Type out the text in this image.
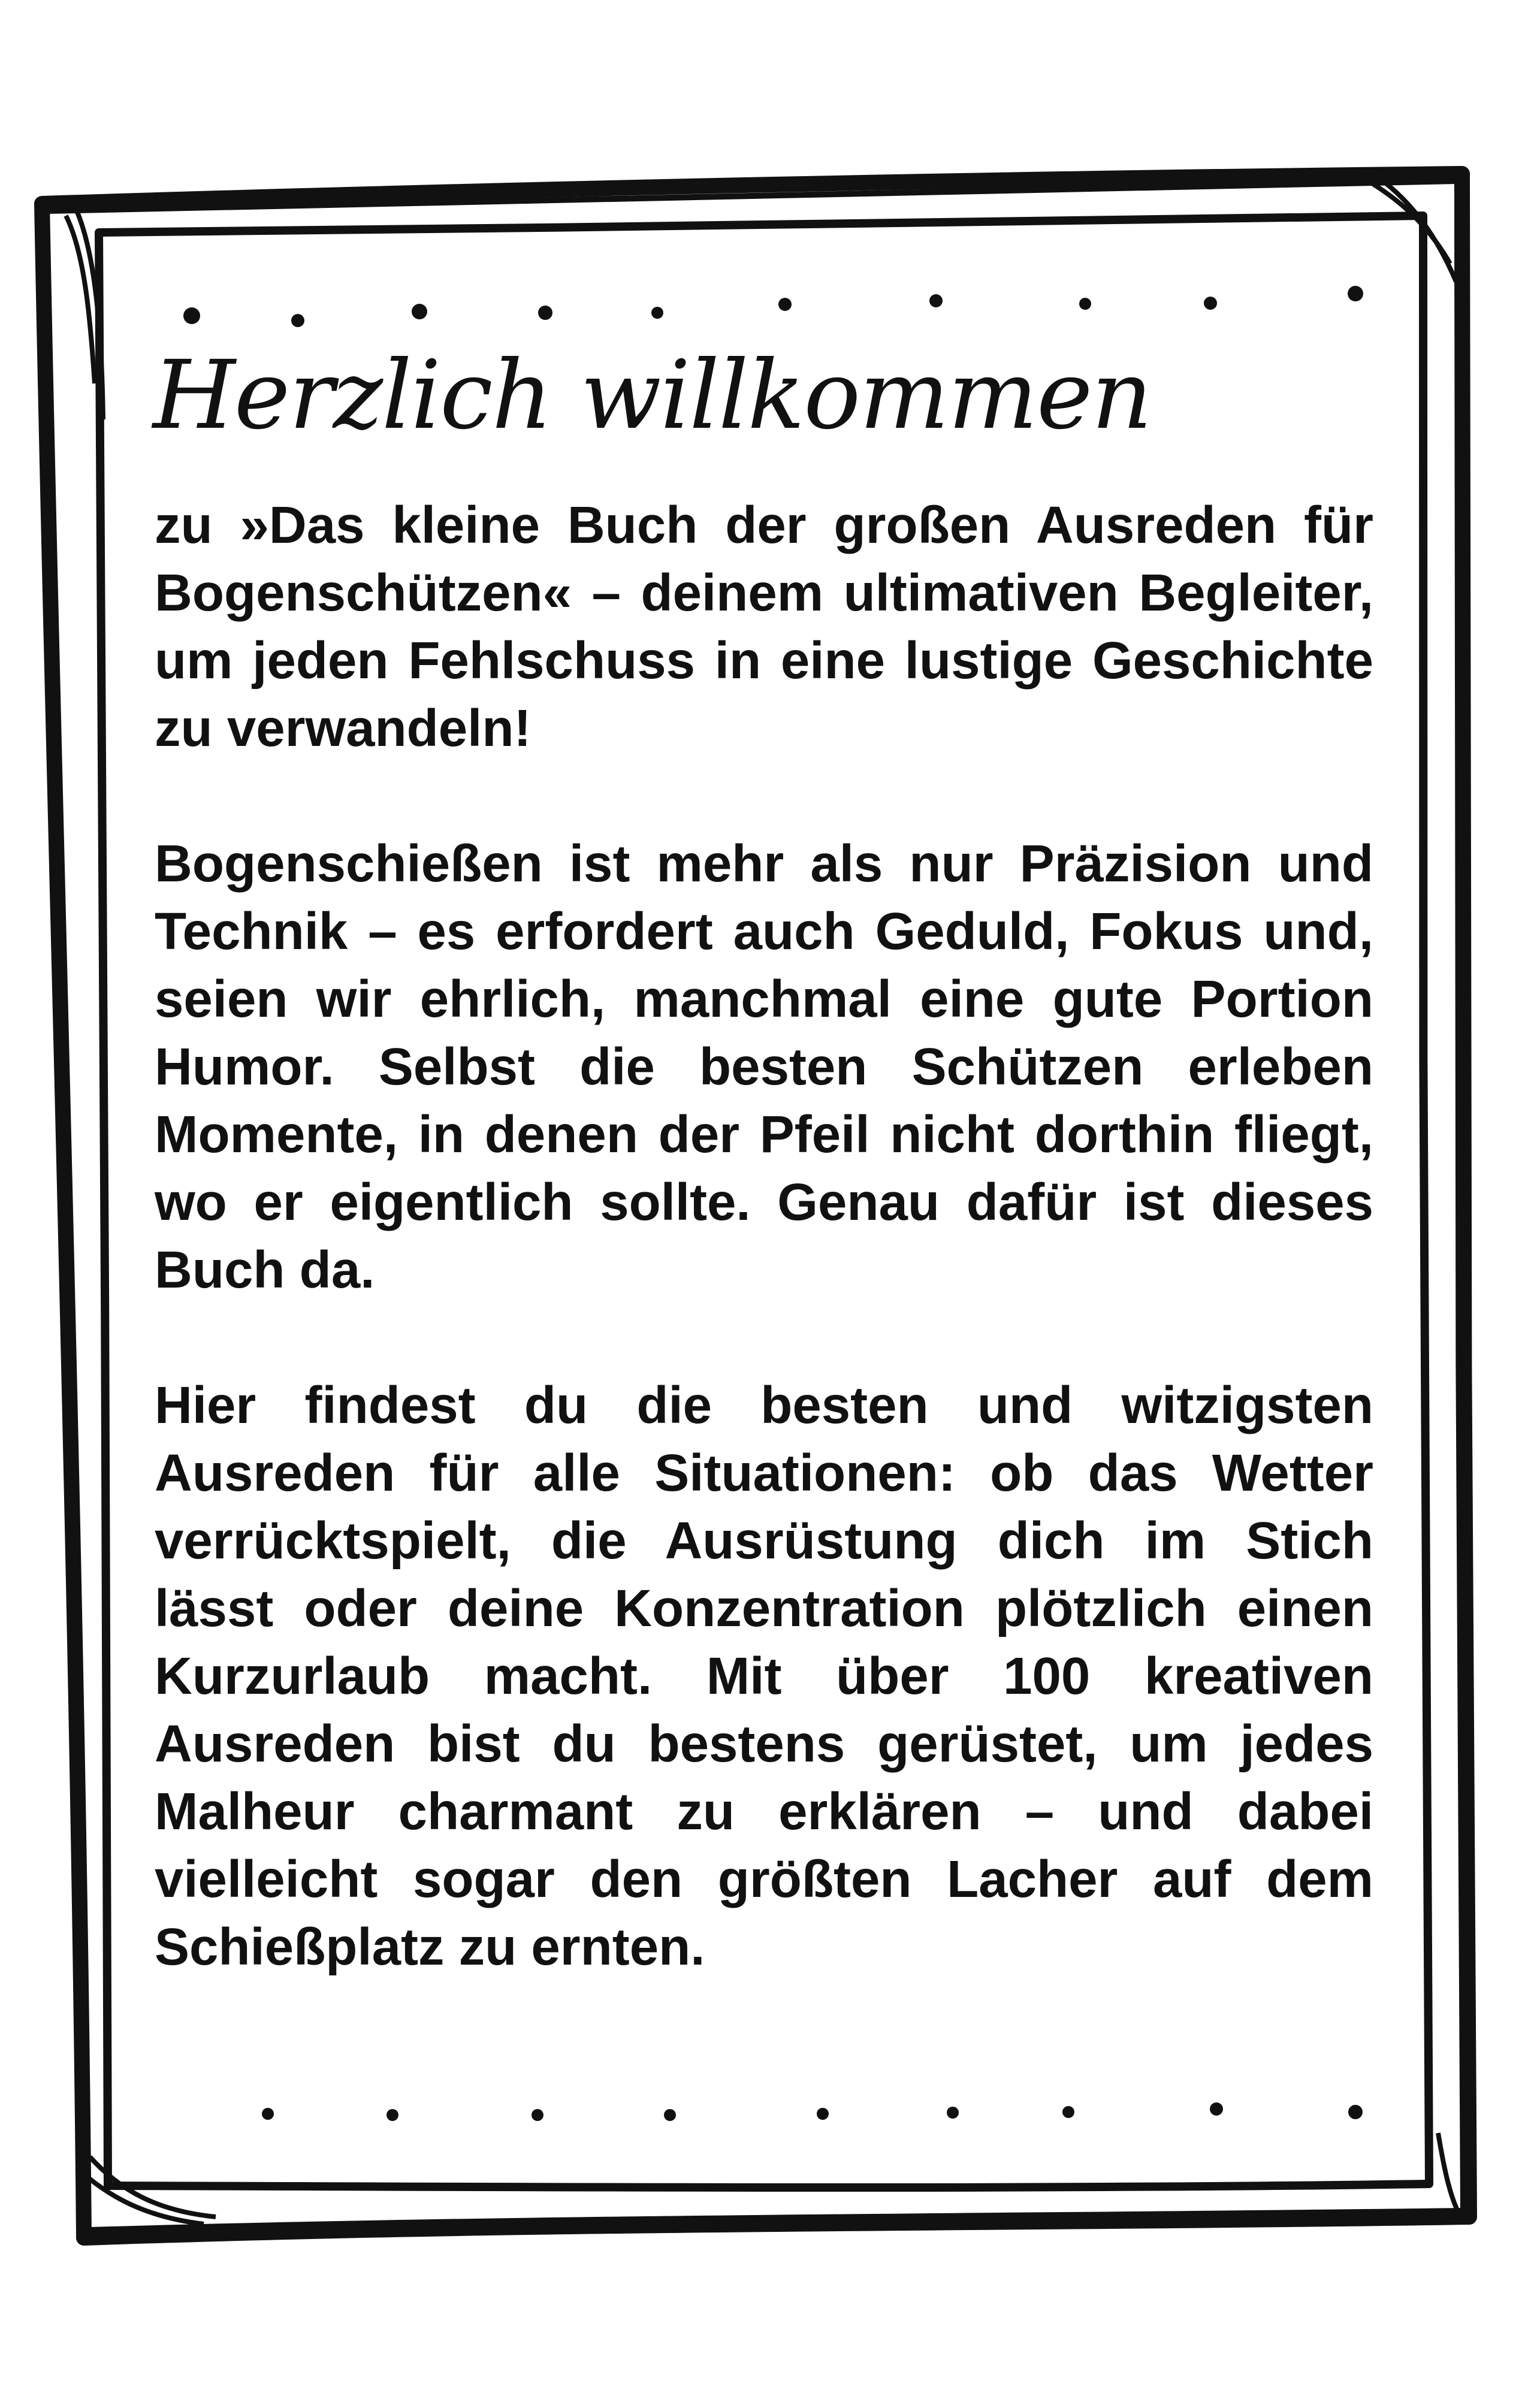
Herzlich willkommen

zu »Das kleine Buch der großen Ausreden für Bogenschützen« – deinem ultimativen Begleiter, um jeden Fehlschuss in eine lustige Geschichte zu verwandeln!

Bogenschießen ist mehr als nur Präzision und Technik – es erfordert auch Geduld, Fokus und, seien wir ehrlich, manchmal eine gute Portion Humor. Selbst die besten Schützen erleben Momente, in denen der Pfeil nicht dorthin fliegt, wo er eigentlich sollte. Genau dafür ist dieses Buch da.

Hier findest du die besten und witzigsten Ausreden für alle Situationen: ob das Wetter verrücktspielt, die Ausrüstung dich im Stich lässt oder deine Konzentration plötzlich einen Kurzurlaub macht. Mit über 100 kreativen Ausreden bist du bestens gerüstet, um jedes Malheur charmant zu erklären – und dabei vielleicht sogar den größten Lacher auf dem Schießplatz zu ernten.
